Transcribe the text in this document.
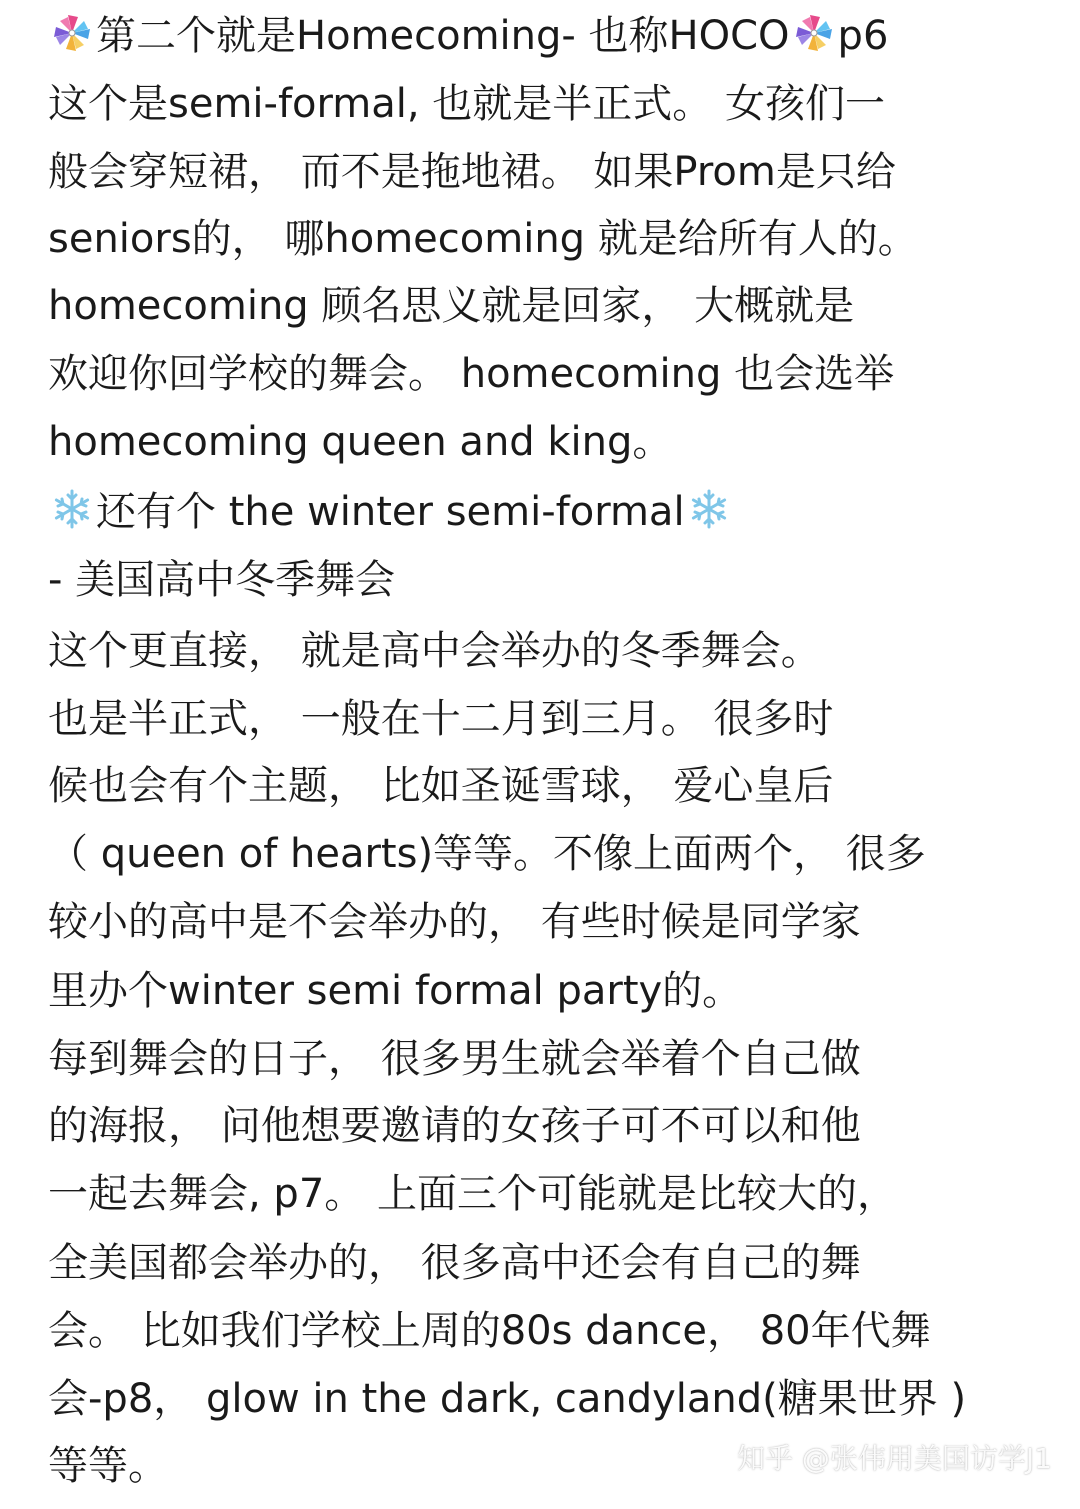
第二个就是Homecoming- 也称HOCO p6
这个是semi-formal, 也就是半正式。 女孩们一
般会穿短裙， 而不是拖地裙。 如果Prom是只给
seniors的， 哪homecoming 就是给所有人的。
homecoming 顾名思义就是回家， 大概就是
欢迎你回学校的舞会。 homecoming 也会选举
homecoming queen and king。
还有个 the winter semi-formal
- 美国高中冬季舞会
这个更直接， 就是高中会举办的冬季舞会。
也是半正式， 一般在十二月到三月。 很多时
候也会有个主题， 比如圣诞雪球， 爱心皇后
（ queen of hearts)等等。不像上面两个， 很多
较小的高中是不会举办的， 有些时候是同学家
里办个winter semi formal party的。
每到舞会的日子， 很多男生就会举着个自己做
的海报， 问他想要邀请的女孩子可不可以和他
一起去舞会, p7。 上面三个可能就是比较大的，
全美国都会举办的， 很多高中还会有自己的舞
会。 比如我们学校上周的80s dance， 80年代舞
会-p8， glow in the dark, candyland(糖果世界 )
等等。	知乎 @张伟用美国访学J1
